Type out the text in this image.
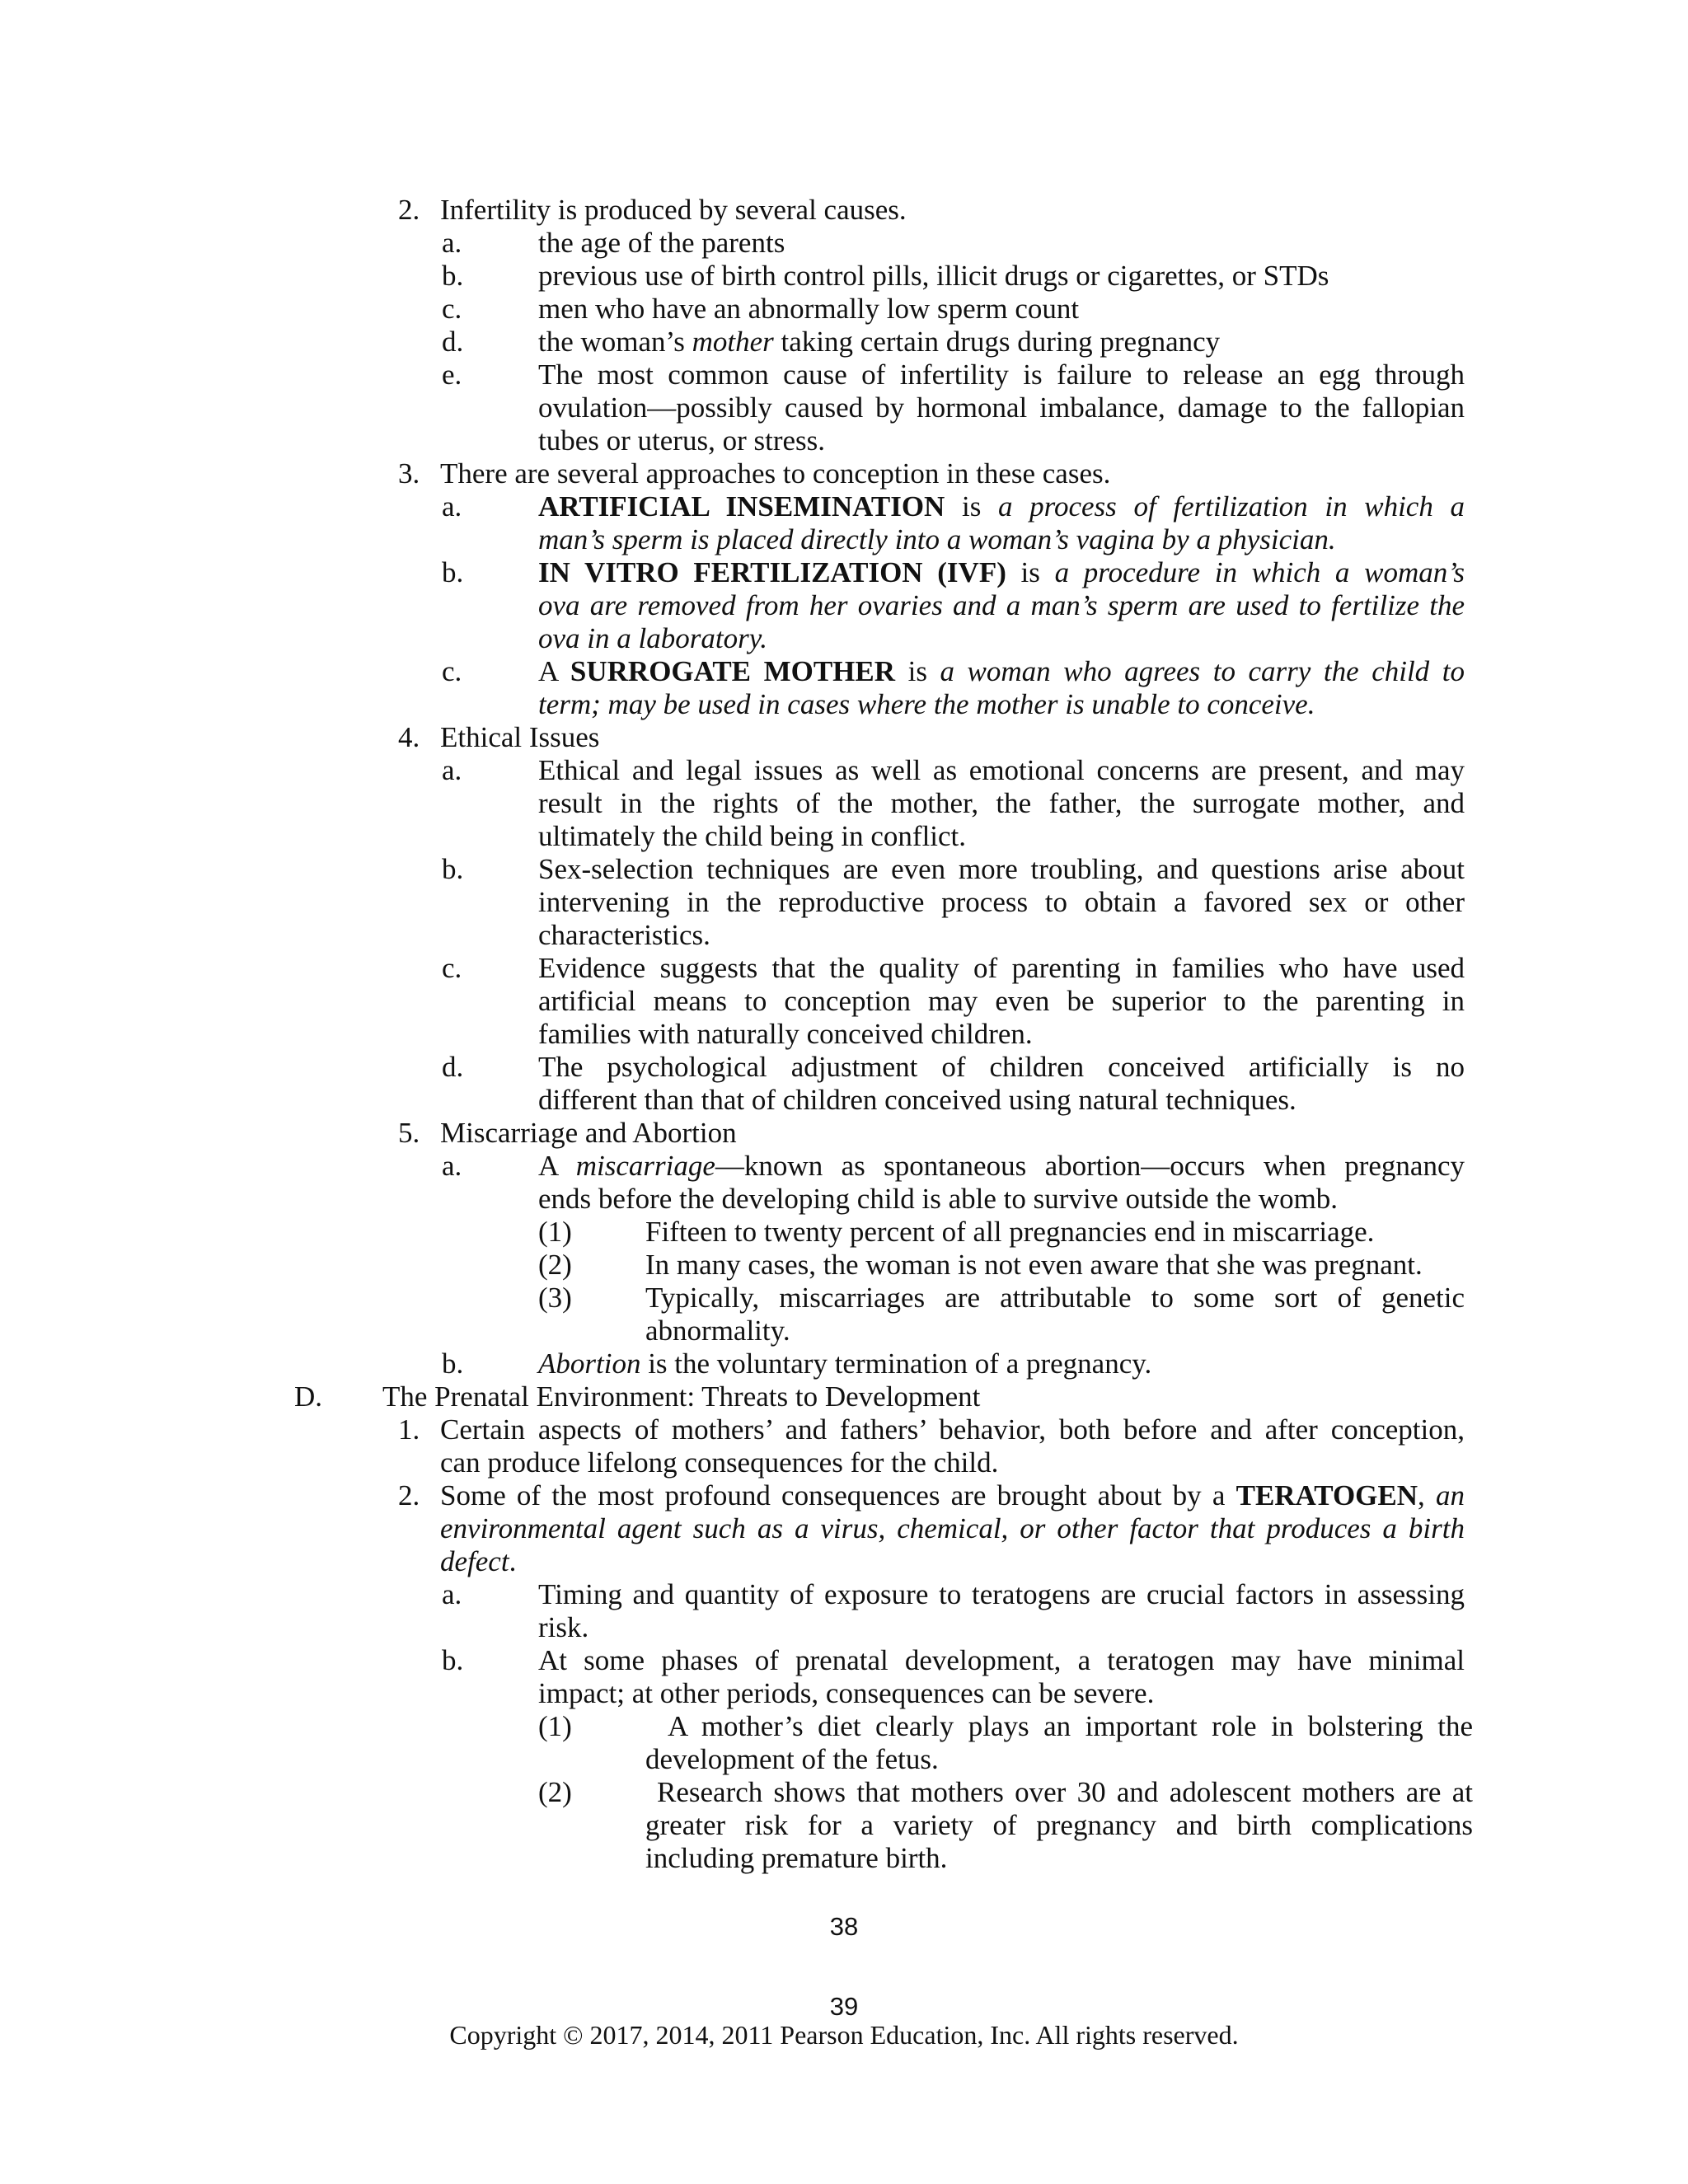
2. Infertility is produced by several causes.
a.	the age of the parents
b.	previous use of birth control pills, illicit drugs or cigarettes, or STDs
c.	men who have an abnormally low sperm count
d.	the woman’s mother taking certain drugs during pregnancy
e.	The most common cause of infertility is failure to release an egg through
ovulation—possibly caused by hormonal imbalance, damage to the fallopian
tubes or uterus, or stress.
3. There are several approaches to conception in these cases.
a.	ARTIFICIAL INSEMINATION is a process of fertilization in which a
man’s sperm is placed directly into a woman’s vagina by a physician.
b.	IN VITRO FERTILIZATION (IVF) is a procedure in which a woman’s
ova are removed from her ovaries and a man’s sperm are used to fertilize the
ova in a laboratory.
c.	A SURROGATE MOTHER is a woman who agrees to carry the child to
term; may be used in cases where the mother is unable to conceive.
4. Ethical Issues
a.	Ethical and legal issues as well as emotional concerns are present, and may
result in the rights of the mother, the father, the surrogate mother, and
ultimately the child being in conflict.
b.	Sex-selection techniques are even more troubling, and questions arise about
intervening in the reproductive process to obtain a favored sex or other
characteristics.
c.	Evidence suggests that the quality of parenting in families who have used
artificial means to conception may even be superior to the parenting in
families with naturally conceived children.
d.	The psychological adjustment of children conceived artificially is no
different than that of children conceived using natural techniques.
5. Miscarriage and Abortion
a.	A miscarriage—known as spontaneous abortion—occurs when pregnancy
ends before the developing child is able to survive outside the womb.
(1)	Fifteen to twenty percent of all pregnancies end in miscarriage.
(2)	In many cases, the woman is not even aware that she was pregnant.
(3)	Typically, miscarriages are attributable to some sort of genetic
abnormality.
b.	Abortion is the voluntary termination of a pregnancy.
D. The Prenatal Environment: Threats to Development
1. Certain aspects of mothers’ and fathers’ behavior, both before and after conception,
can produce lifelong consequences for the child.
2. Some of the most profound consequences are brought about by a TERATOGEN, an
environmental agent such as a virus, chemical, or other factor that produces a birth
defect.
a.	Timing and quantity of exposure to teratogens are crucial factors in assessing
risk.
b.	At some phases of prenatal development, a teratogen may have minimal
impact; at other periods, consequences can be severe.
(1)	A mother’s diet clearly plays an important role in bolstering the
development of the fetus.
(2)	Research shows that mothers over 30 and adolescent mothers are at
greater risk for a variety of pregnancy and birth complications
including premature birth.
38
39
Copyright © 2017, 2014, 2011 Pearson Education, Inc. All rights reserved.
